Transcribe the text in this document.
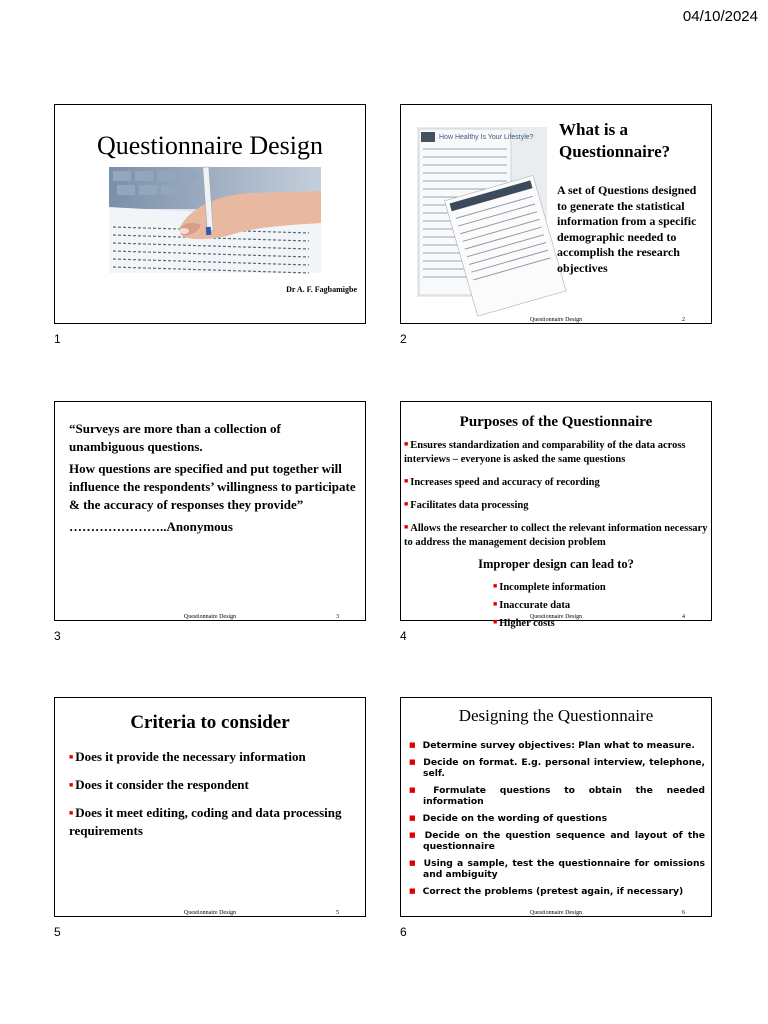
04/10/2024
Questionnaire Design
Dr A. F. Fagbamigbe
1
How Healthy Is Your Lifestyle? What is a Questionnaire?
A set of Questions designed to generate the statistical information from a specific demographic needed to accomplish the research objectives
Questionnaire Design	2
2

“Surveys are more than a collection of unambiguous questions.

How questions are specified and put together will influence the respondents’ willingness to participate & the accuracy of responses they provide”

…………………..Anonymous

Questionnaire Design	3
3
Purposes of the Questionnaire
■ Ensures standardization and comparability of the data across interviews – everyone is asked the same questions
■ Increases speed and accuracy of recording
■ Facilitates data processing
■ Allows the researcher to collect the relevant information necessary to address the management decision problem
Improper design can lead to?
■ Incomplete information
■ Inaccurate data
■ Higher costs
Questionnaire Design	4
4
Criteria to consider
■ Does it provide the necessary information
■ Does it consider the respondent
■ Does it meet editing, coding and data processing requirements
Questionnaire Design	5
5
Designing the Questionnaire
■ Determine survey objectives: Plan what to measure.
■ Decide on format. E.g. personal interview, telephone, self.
■ Formulate questions to obtain the needed information
■ Decide on the wording of questions
■ Decide on the question sequence and layout of the questionnaire
■ Using a sample, test the questionnaire for omissions and ambiguity
■ Correct the problems (pretest again, if necessary)
Questionnaire Design	6
6
